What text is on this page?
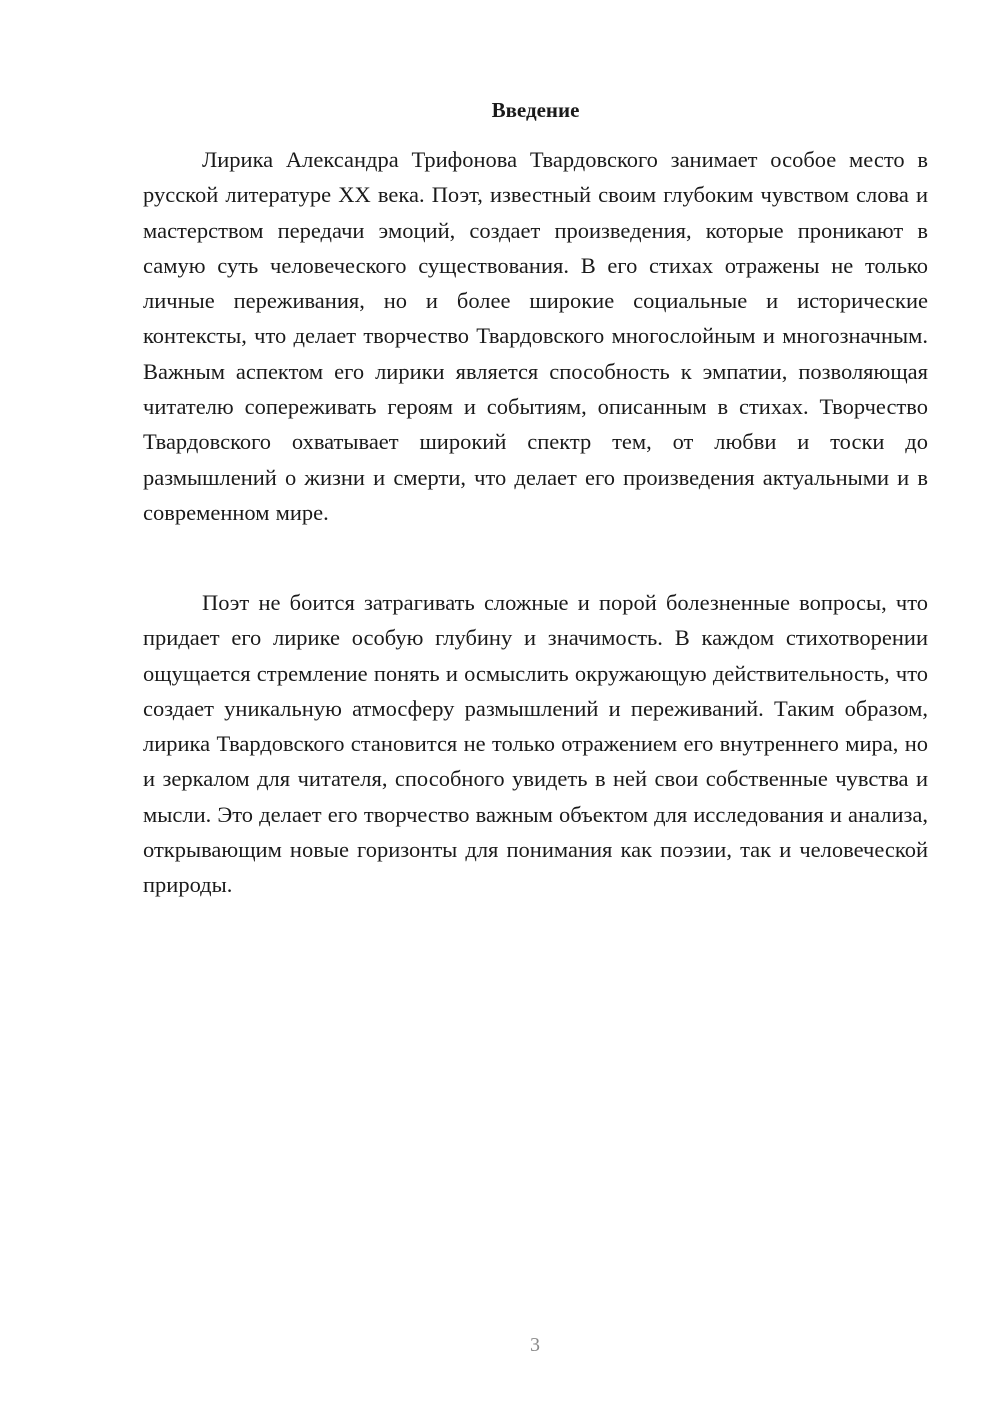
Введение

Лирика Александра Трифонова Твардовского занимает особое место в русской литературе XX века. Поэт, известный своим глубоким чувством слова и мастерством передачи эмоций, создает произведения, которые проникают в самую суть человеческого существования. В его стихах отражены не только личные переживания, но и более широкие социальные и исторические контексты, что делает творчество Твардовского многослойным и многозначным. Важным аспектом его лирики является способность к эмпатии, позволяющая читателю сопереживать героям и событиям, описанным в стихах. Творчество Твардовского охватывает широкий спектр тем, от любви и тоски до размышлений о жизни и смерти, что делает его произведения актуальными и в современном мире.

Поэт не боится затрагивать сложные и порой болезненные вопросы, что придает его лирике особую глубину и значимость. В каждом стихотворении ощущается стремление понять и осмыслить окружающую действительность, что создает уникальную атмосферу размышлений и переживаний. Таким образом, лирика Твардовского становится не только отражением его внутреннего мира, но и зеркалом для читателя, способного увидеть в ней свои собственные чувства и мысли. Это делает его творчество важным объектом для исследования и анализа, открывающим новые горизонты для понимания как поэзии, так и человеческой природы.

3
